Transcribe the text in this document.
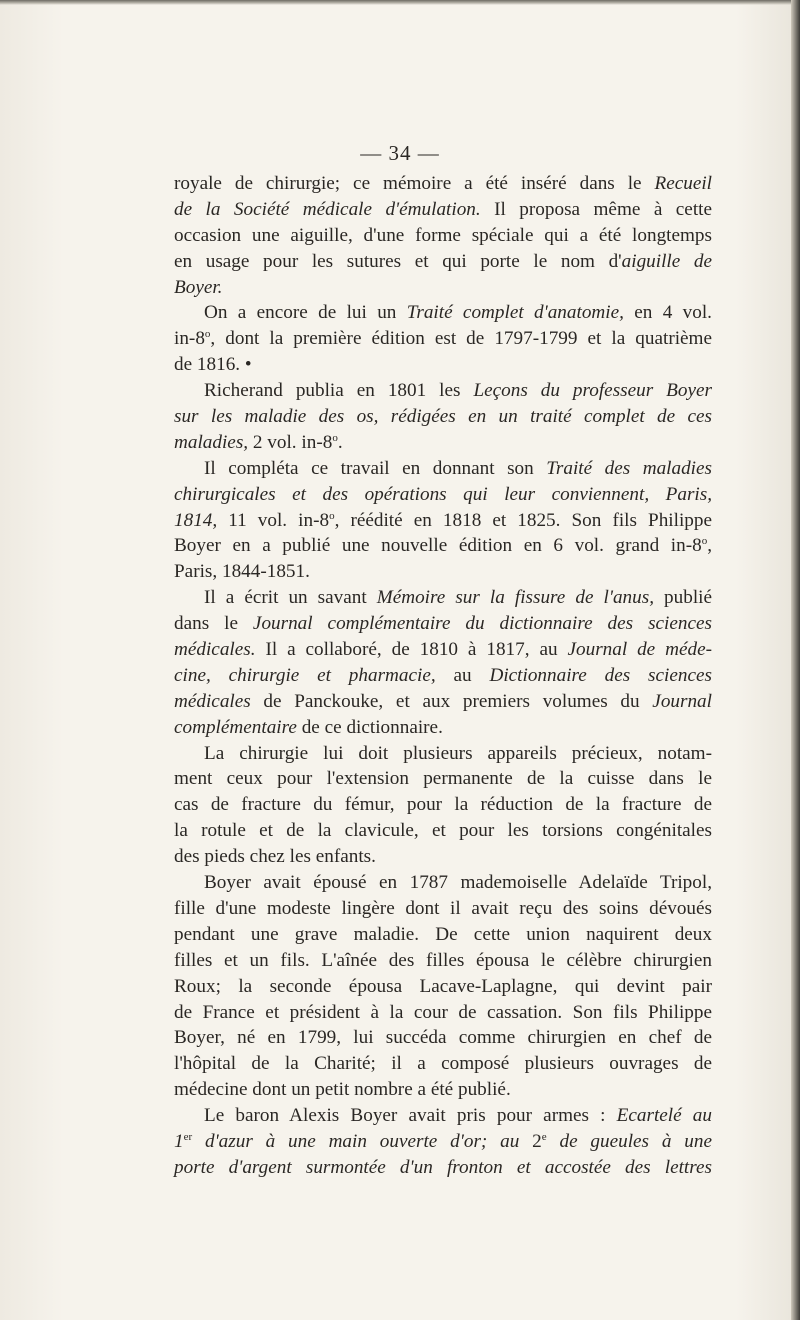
— 34 —
royale de chirurgie; ce mémoire a été inséré dans le Recueil
de la Société médicale d'émulation. Il proposa même à cette
occasion une aiguille, d'une forme spéciale qui a été longtemps
en usage pour les sutures et qui porte le nom d'aiguille de
Boyer.
On a encore de lui un Traité complet d'anatomie, en 4 vol.
in-8$^o$, dont la première édition est de 1797-1799 et la quatrième
de 1816. •
Richerand publia en 1801 les Leçons du professeur Boyer
sur les maladie des os, rédigées en un traité complet de ces
maladies, 2 vol. in-8$^o$.
Il compléta ce travail en donnant son Traité des maladies
chirurgicales et des opérations qui leur conviennent, Paris,
1814, 11 vol. in-8$^o$, réédité en 1818 et 1825. Son fils Philippe
Boyer en a publié une nouvelle édition en 6 vol. grand in-8$^o$,
Paris, 1844-1851.
Il a écrit un savant Mémoire sur la fissure de l'anus, publié
dans le Journal complémentaire du dictionnaire des sciences
médicales. Il a collaboré, de 1810 à 1817, au Journal de méde-
cine, chirurgie et pharmacie, au Dictionnaire des sciences
médicales de Panckouke, et aux premiers volumes du Journal
complémentaire de ce dictionnaire.
La chirurgie lui doit plusieurs appareils précieux, notam-
ment ceux pour l'extension permanente de la cuisse dans le
cas de fracture du fémur, pour la réduction de la fracture de
la rotule et de la clavicule, et pour les torsions congénitales
des pieds chez les enfants.
Boyer avait épousé en 1787 mademoiselle Adelaïde Tripol,
fille d'une modeste lingère dont il avait reçu des soins dévoués
pendant une grave maladie. De cette union naquirent deux
filles et un fils. L'aînée des filles épousa le célèbre chirurgien
Roux; la seconde épousa Lacave-Laplagne, qui devint pair
de France et président à la cour de cassation. Son fils Philippe
Boyer, né en 1799, lui succéda comme chirurgien en chef de
l'hôpital de la Charité; il a composé plusieurs ouvrages de
médecine dont un petit nombre a été publié.
Le baron Alexis Boyer avait pris pour armes : Ecartelé au
1er d'azur à une main ouverte d'or; au 2e de gueules à une
porte d'argent surmontée d'un fronton et accostée des lettres
